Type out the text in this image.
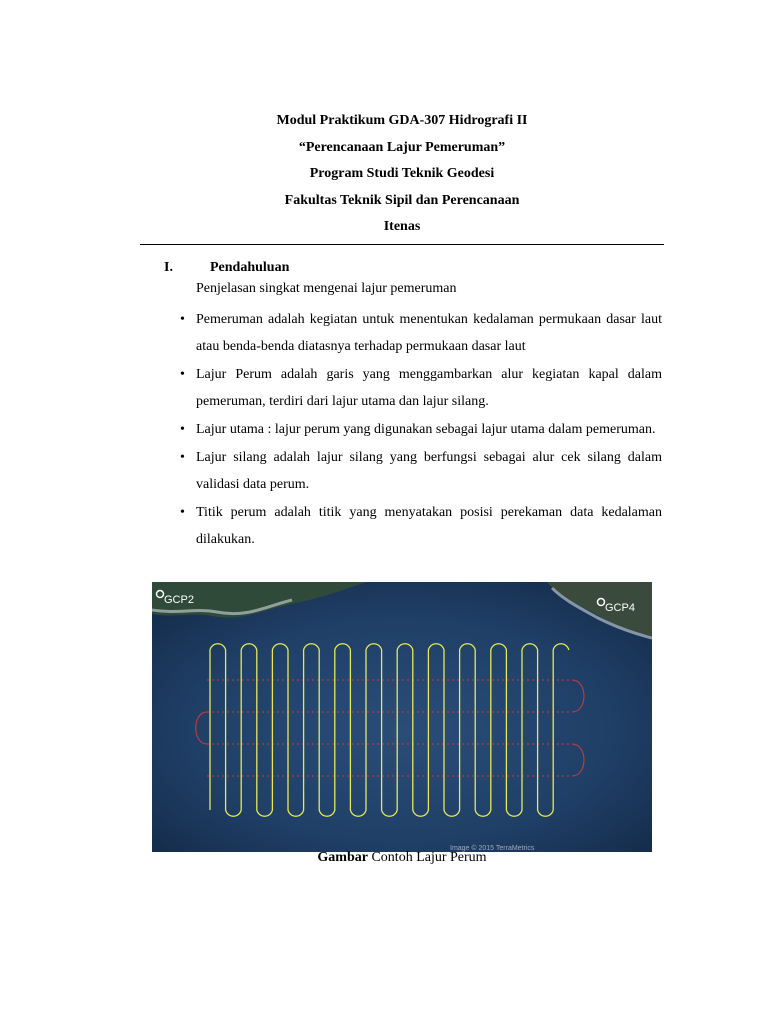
Modul Praktikum GDA-307 Hidrografi II
“Perencanaan Lajur Pemeruman”
Program Studi Teknik Geodesi
Fakultas Teknik Sipil dan Perencanaan
Itenas
I.	Pendahuluan
Penjelasan singkat mengenai lajur pemeruman
• Pemeruman adalah kegiatan untuk menentukan kedalaman permukaan dasar laut atau benda-benda diatasnya terhadap permukaan dasar laut
• Lajur Perum adalah garis yang menggambarkan alur kegiatan kapal dalam pemeruman, terdiri dari lajur utama dan lajur silang.
• Lajur utama : lajur perum yang digunakan sebagai lajur utama dalam pemeruman.
• Lajur silang adalah lajur silang yang berfungsi sebagai alur cek silang dalam validasi data perum.
• Titik perum adalah titik yang menyatakan posisi perekaman data kedalaman dilakukan.
GCP2
GCP4
Image © 2015 TerraMetrics
Gambar Contoh Lajur Perum
